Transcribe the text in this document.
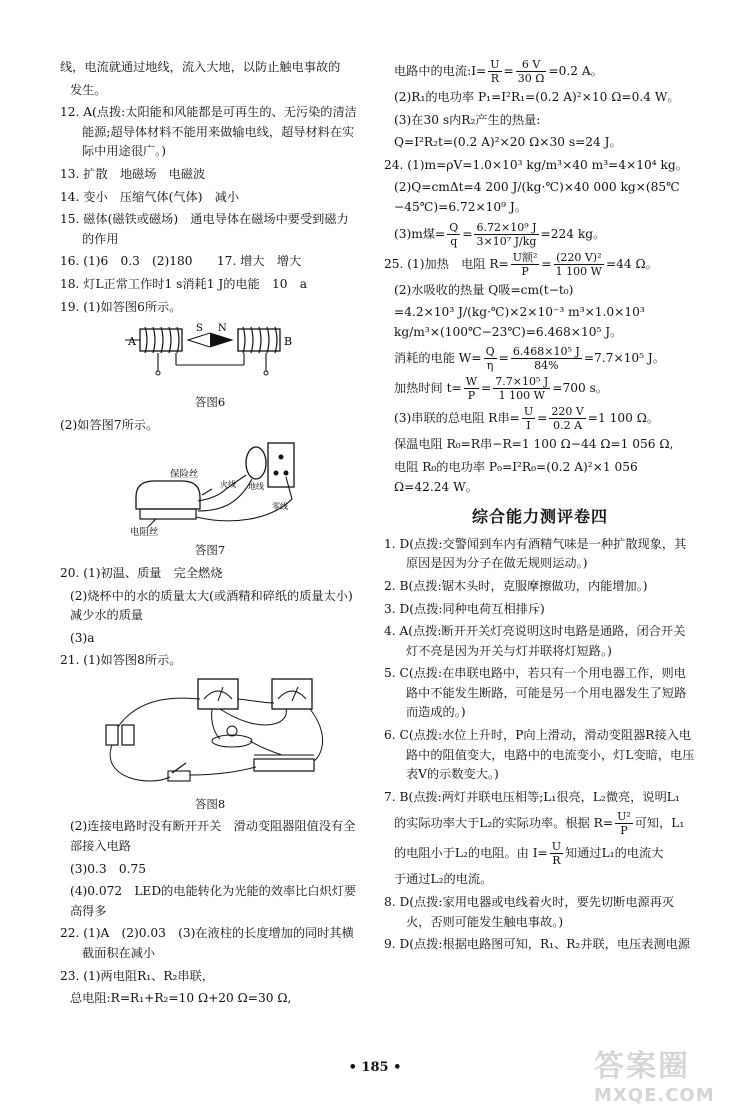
线，电流就通过地线，流入大地，以防止触电事故的

发生。

12. A(点拨:太阳能和风能都是可再生的、无污染的清洁能源;超导体材料不能用来做输电线，超导材料在实际中用途很广。)

13. 扩散　地磁场　电磁波

14. 变小　压缩气体(气体)　减小

15. 磁体(磁铁或磁场)　通电导体在磁场中要受到磁力的作用

16. (1)6　0.3　(2)180　　17. 增大　增大

18. 灯L正常工作时1 s消耗1 J的电能　10　a

19. (1)如答图6所示。

A	B
S N

答图6

(2)如答图7所示。

保险丝
火线 地线
零线
电阻丝

答图7

20. (1)初温、质量　完全燃烧

(2)烧杯中的水的质量太大(或酒精和碎纸的质量太小)　减少水的质量

(3)a

21. (1)如答图8所示。

答图8

(2)连接电路时没有断开开关　滑动变阻器阻值没有全部接入电路

(3)0.3　0.75

(4)0.072　LED的电能转化为光能的效率比白炽灯要高得多

22. (1)A　(2)0.03　(3)在液柱的长度增加的同时其横截面积在减小

23. (1)两电阻R₁、R₂串联，

总电阻:R=R₁+R₂=10 Ω+20 Ω=30 Ω,

电路中的电流:I= $\frac{U}{R} = \frac{6 V}{30 \Omega} =0.2$ A。

(2)R₁的电功率 P₁=I²R₁=(0.2 A)²×10 Ω=0.4 W。

(3)在30 s内R₂产生的热量:

Q=I²R₂t=(0.2 A)²×20 Ω×30 s=24 J。

24. (1)m=ρV=1.0×10³ kg/m³×40 m³=4×10⁴ kg。

(2)Q=cmΔt=4 200 J/(kg·℃)×40 000 kg×(85℃−45℃)=6.72×10⁹ J。

(3)m煤= $\frac{Q}{q} = \frac{\text{6.72×10⁹ J}}{\text{3×10⁷ J/kg}} =224$ kg。

25. (1)加热　电阻 $R= \frac{\text{U额²}}{P} = \frac{\text{(220 V)²}}{1 100 W} =44$ Ω。

(2)水吸收的热量 Q吸=cm(t−t₀)

=4.2×10³ J/(kg·℃)×2×10⁻³ m³×1.0×10³ kg/m³×(100℃−23℃)=6.468×10⁵ J。

消耗的电能 $W= \frac{Q}{\eta} = \frac{\text{6.468×10⁵ J}}{84\%} =7.7\times 10^5$ J。

加热时间 $t= \frac{W}{P} = \frac{\text{7.7×10⁵ J}}{1 100 W} =700$ s。

(3)串联的总电阻 R串= $\frac{U}{I} = \frac{220 V}{0.2 A} =1$ 100 Ω。

保温电阻 R₀=R串−R=1 100 Ω−44 Ω=1 056 Ω,

电阻 R₀的电功率 P₀=I²R₀=(0.2 A)²×1 056 Ω=42.24 W。

综合能力测评卷四

1. D(点拨:交警闻到车内有酒精气味是一种扩散现象，其原因是因为分子在做无规则运动。)

2. B(点拨:锯木头时，克服摩擦做功，内能增加。)

3. D(点拨:同种电荷互相排斥)

4. A(点拨:断开开关灯亮说明这时电路是通路，闭合开关灯不亮是因为开关与灯并联将灯短路。)

5. C(点拨:在串联电路中，若只有一个用电器工作，则电路中不能发生断路，可能是另一个用电器发生了短路而造成的。)

6. C(点拨:水位上升时，P向上滑动，滑动变阻器R接入电路中的阻值变大，电路中的电流变小，灯L变暗，电压表V的示数变大。)

7. B(点拨:两灯并联电压相等;L₁很亮，L₂微亮，说明L₁

的实际功率大于L₂的实际功率。根据 $R= \frac{\text{U²}}{P}$ 可知，L₁

的电阻小于L₂的电阻。由 $I= \frac{U}{R}$ 知通过L₁的电流大

于通过L₂的电流。

8. D(点拨:家用电器或电线着火时，要先切断电源再灭火，否则可能发生触电事故。)

9. D(点拨:根据电路图可知，R₁、R₂并联，电压表测电源

• 185 •	答案圈
MXQE.COM
